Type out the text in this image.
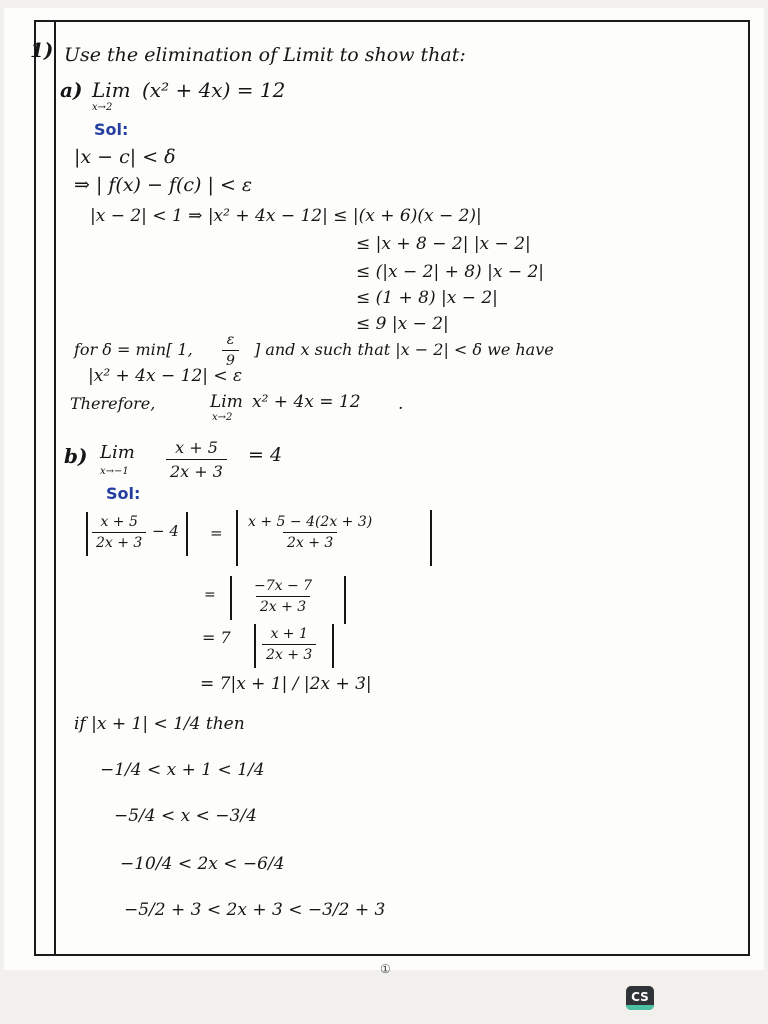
1) Use the elimination of Limit to show that:
a) Lim
x→2
(x² + 4x) = 12
Sol:
|x − c| < δ
⇒ | f(x) − f(c) | < ε
|x − 2| < 1 ⇒ |x² + 4x − 12| ≤ |(x + 6)(x − 2)|
≤ |x + 8 − 2| |x − 2|
≤ (|x − 2| + 8) |x − 2|
≤ (1 + 8) |x − 2|
≤ 9 |x − 2|
for δ = min[ 1, $\frac{\varepsilon}{9}$ ] and x such that |x − 2| < δ we have
|x² + 4x − 12| < ε
Therefore,	Lim
x→2
x² + 4x = 12 .
b) Lim
$x\to-1 \frac{x + 5}{2x + 3} = 4$
Sol:
$\frac{x + 5}{2x + 3} - 4 = \frac{x + 5 - 4(2x + 3)}{2x + 3}$
= $\frac{-7x - 7}{2x + 3}$
= $7 \frac{x + 1}{2x + 3}$
= 7|x + 1| / |2x + 3|
if |x + 1| < 1/4 then
−1/4 < x + 1 < 1/4
−5/4 < x < −3/4
−10/4 < 2x < −6/4
−5/2 + 3 < 2x + 3 < −3/2 + 3
①
CS
